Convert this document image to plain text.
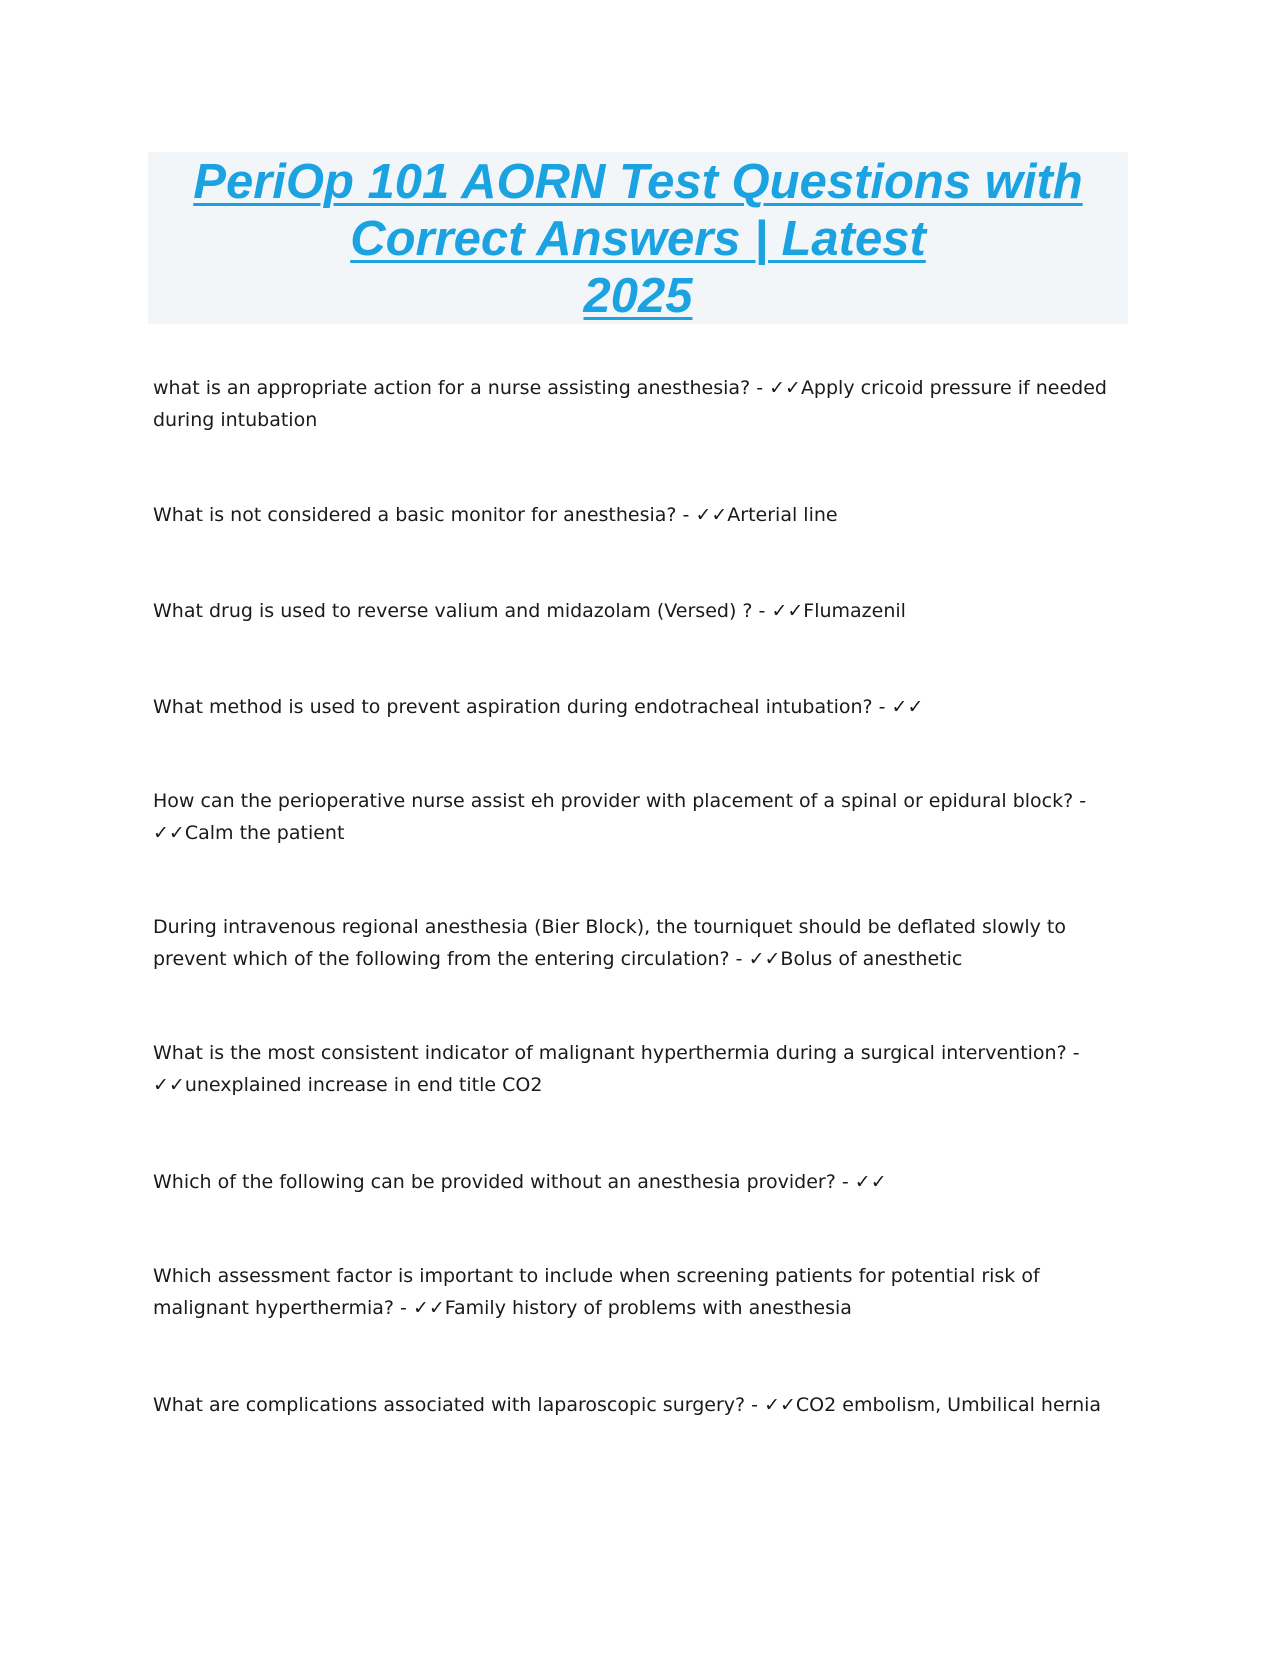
PeriOp 101 AORN Test Questions with
Correct Answers | Latest
2025

what is an appropriate action for a nurse assisting anesthesia? - ✓✓Apply cricoid pressure if needed during intubation

What is not considered a basic monitor for anesthesia? - ✓✓Arterial line

What drug is used to reverse valium and midazolam (Versed) ? - ✓✓Flumazenil

What method is used to prevent aspiration during endotracheal intubation? - ✓✓

How can the perioperative nurse assist eh provider with placement of a spinal or epidural block? - ✓✓Calm the patient

During intravenous regional anesthesia (Bier Block), the tourniquet should be deflated slowly to prevent which of the following from the entering circulation? - ✓✓Bolus of anesthetic

What is the most consistent indicator of malignant hyperthermia during a surgical intervention? - ✓✓unexplained increase in end title CO2

Which of the following can be provided without an anesthesia provider? - ✓✓

Which assessment factor is important to include when screening patients for potential risk of malignant hyperthermia? - ✓✓Family history of problems with anesthesia

What are complications associated with laparoscopic surgery? - ✓✓CO2 embolism, Umbilical hernia
